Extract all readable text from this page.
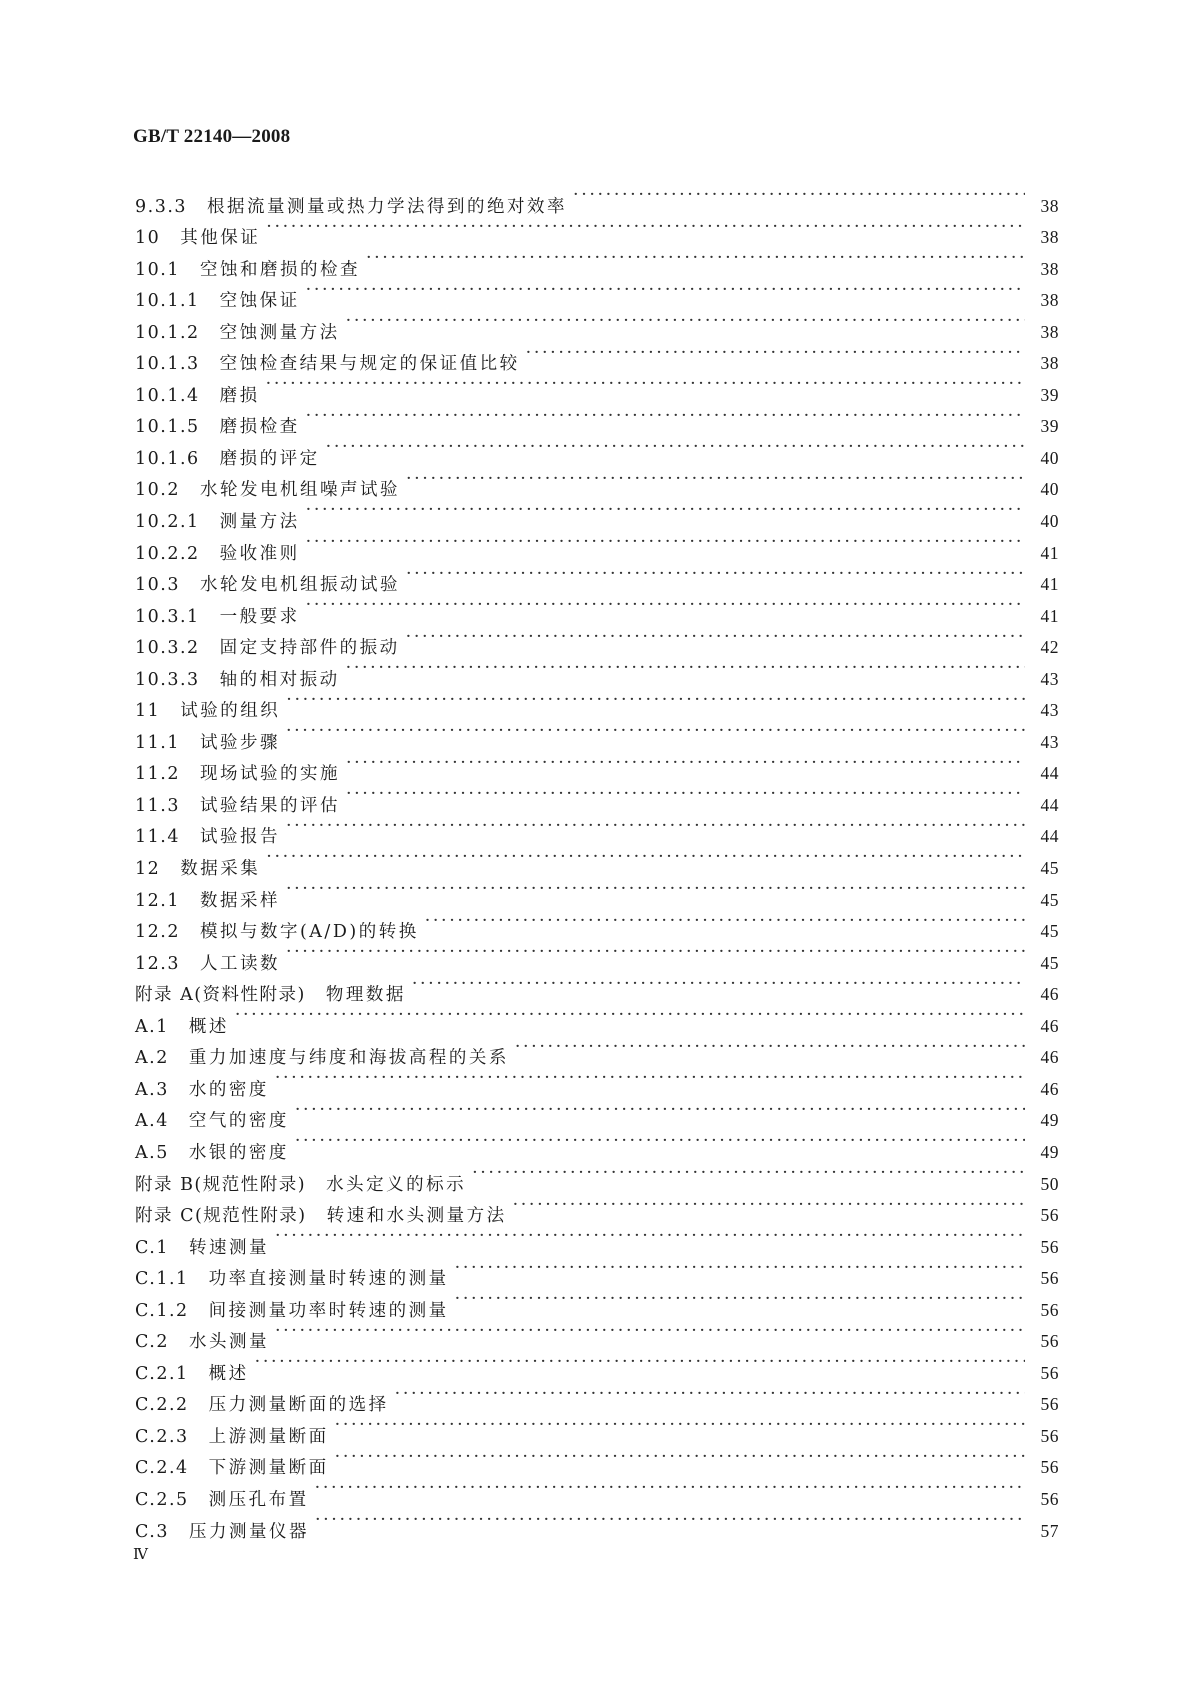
GB/T 22140—2008
9.3.3 根据流量测量或热力学法得到的绝对效率 ·····	38
10 其他保证 ·····	38
10.1 空蚀和磨损的检查 ·····	38
10.1.1 空蚀保证 ·····	38
10.1.2 空蚀测量方法 ·····	38
10.1.3 空蚀检查结果与规定的保证值比较 ·····	38
10.1.4 磨损 ·····	39
10.1.5 磨损检查 ·····	39
10.1.6 磨损的评定 ·····	40
10.2 水轮发电机组噪声试验 ·····	40
10.2.1 测量方法 ·····	40
10.2.2 验收准则 ·····	41
10.3 水轮发电机组振动试验 ·····	41
10.3.1 一般要求 ·····	41
10.3.2 固定支持部件的振动 ·····	42
10.3.3 轴的相对振动 ·····	43
11 试验的组织 ·····	43
11.1 试验步骤 ·····	43
11.2 现场试验的实施 ·····	44
11.3 试验结果的评估 ·····	44
11.4 试验报告 ·····	44
12 数据采集 ·····	45
12.1 数据采样 ·····	45
12.2 模拟与数字(A/D)的转换 ·····	45
12.3 人工读数 ·····	45
附录 A(资料性附录) 物理数据 ·····	46
A.1 概述 ·····	46
A.2 重力加速度与纬度和海拔高程的关系 ·····	46
A.3 水的密度 ·····	46
A.4 空气的密度 ·····	49
A.5 水银的密度 ·····	49
附录 B(规范性附录) 水头定义的标示 ·····	50
附录 C(规范性附录) 转速和水头测量方法 ·····	56
C.1 转速测量 ·····	56
C.1.1 功率直接测量时转速的测量 ·····	56
C.1.2 间接测量功率时转速的测量 ·····	56
C.2 水头测量 ·····	56
C.2.1 概述 ·····	56
C.2.2 压力测量断面的选择 ·····	56
C.2.3 上游测量断面 ·····	56
C.2.4 下游测量断面 ·····	56
C.2.5 测压孔布置 ·····	56
C.3 压力测量仪器 ·····	57
Ⅳ
